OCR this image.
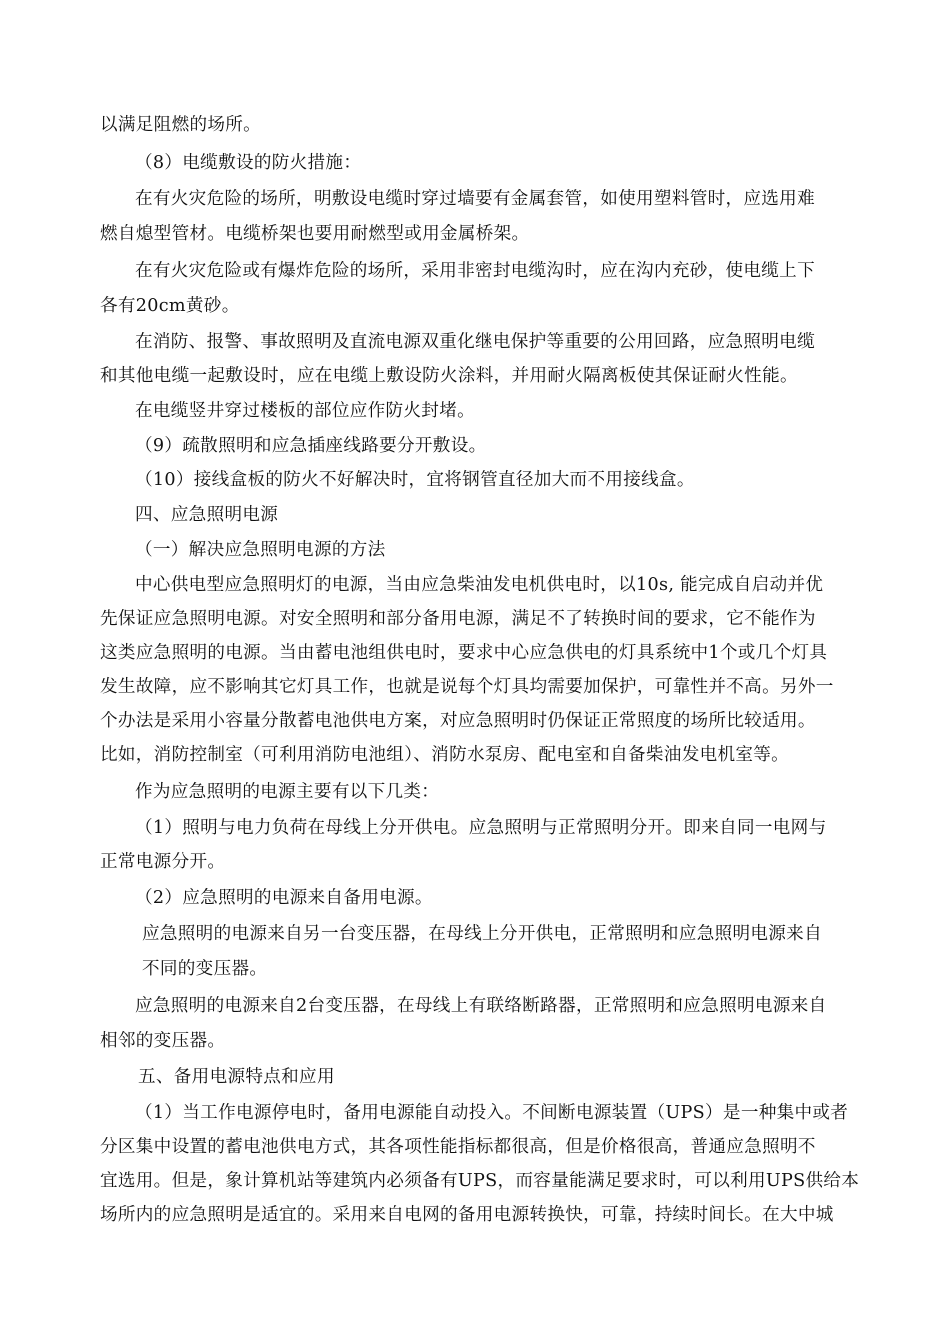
以满足阻燃的场所。

（8）电缆敷设的防火措施：

在有火灾危险的场所，明敷设电缆时穿过墙要有金属套管，如使用塑料管时，应选用难

燃自熄型管材。电缆桥架也要用耐燃型或用金属桥架。

在有火灾危险或有爆炸危险的场所，采用非密封电缆沟时，应在沟内充砂，使电缆上下

各有20cm黄砂。

在消防、报警、事故照明及直流电源双重化继电保护等重要的公用回路，应急照明电缆

和其他电缆一起敷设时，应在电缆上敷设防火涂料，并用耐火隔离板使其保证耐火性能。

在电缆竖井穿过楼板的部位应作防火封堵。

（9）疏散照明和应急插座线路要分开敷设。

（10）接线盒板的防火不好解决时，宜将钢管直径加大而不用接线盒。

四、应急照明电源

（一）解决应急照明电源的方法

中心供电型应急照明灯的电源，当由应急柴油发电机供电时，以10s, 能完成自启动并优

先保证应急照明电源。对安全照明和部分备用电源，满足不了转换时间的要求，它不能作为

这类应急照明的电源。当由蓄电池组供电时，要求中心应急供电的灯具系统中1个或几个灯具

发生故障，应不影响其它灯具工作，也就是说每个灯具均需要加保护，可靠性并不高。另外一

个办法是采用小容量分散蓄电池供电方案，对应急照明时仍保证正常照度的场所比较适用。

比如，消防控制室（可利用消防电池组）、消防水泵房、配电室和自备柴油发电机室等。

作为应急照明的电源主要有以下几类：

（1）照明与电力负荷在母线上分开供电。应急照明与正常照明分开。即来自同一电网与

正常电源分开。

（2）应急照明的电源来自备用电源。

应急照明的电源来自另一台变压器，在母线上分开供电，正常照明和应急照明电源来自

不同的变压器。

应急照明的电源来自2台变压器，在母线上有联络断路器，正常照明和应急照明电源来自

相邻的变压器。

五、备用电源特点和应用

（1）当工作电源停电时，备用电源能自动投入。不间断电源装置（UPS）是一种集中或者

分区集中设置的蓄电池供电方式，其各项性能指标都很高，但是价格很高，普通应急照明不

宜选用。但是，象计算机站等建筑内必须备有UPS，而容量能满足要求时，可以利用UPS供给本

场所内的应急照明是适宜的。采用来自电网的备用电源转换快，可靠，持续时间长。在大中城
